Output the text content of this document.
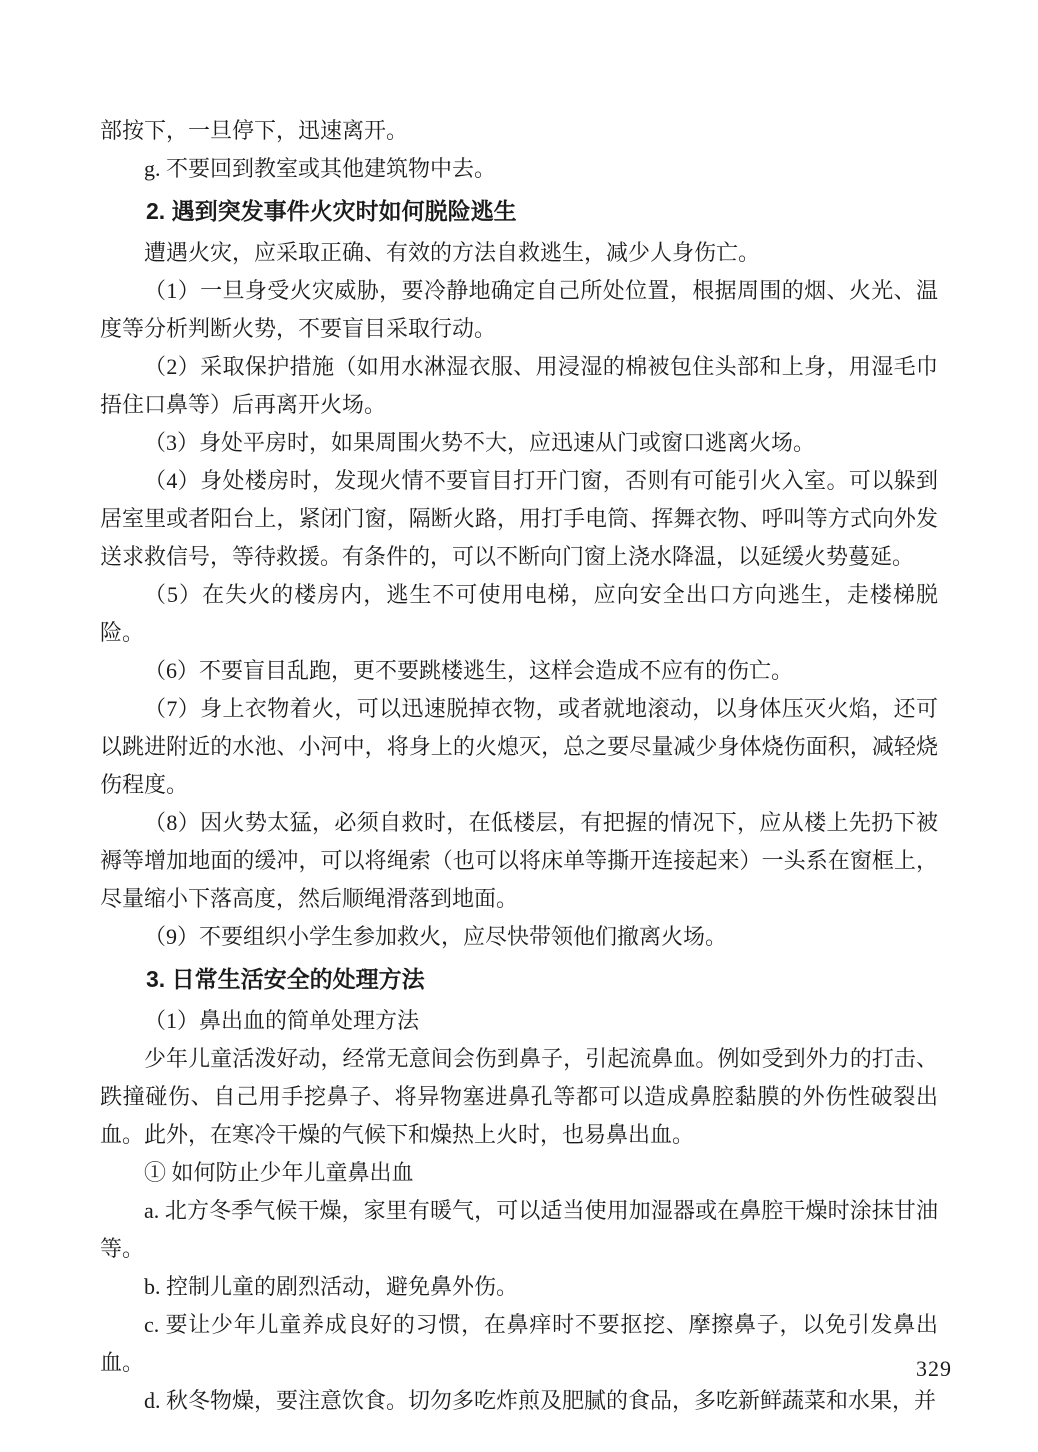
部按下，一旦停下，迅速离开。

g. 不要回到教室或其他建筑物中去。

2. 遇到突发事件火灾时如何脱险逃生

遭遇火灾，应采取正确、有效的方法自救逃生，减少人身伤亡。

（1）一旦身受火灾威胁，要冷静地确定自己所处位置，根据周围的烟、火光、温度等分析判断火势，不要盲目采取行动。

（2）采取保护措施（如用水淋湿衣服、用浸湿的棉被包住头部和上身，用湿毛巾捂住口鼻等）后再离开火场。

（3）身处平房时，如果周围火势不大，应迅速从门或窗口逃离火场。

（4）身处楼房时，发现火情不要盲目打开门窗，否则有可能引火入室。可以躲到居室里或者阳台上，紧闭门窗，隔断火路，用打手电筒、挥舞衣物、呼叫等方式向外发送求救信号，等待救援。有条件的，可以不断向门窗上浇水降温，以延缓火势蔓延。

（5）在失火的楼房内，逃生不可使用电梯，应向安全出口方向逃生，走楼梯脱险。

（6）不要盲目乱跑，更不要跳楼逃生，这样会造成不应有的伤亡。

（7）身上衣物着火，可以迅速脱掉衣物，或者就地滚动，以身体压灭火焰，还可以跳进附近的水池、小河中，将身上的火熄灭，总之要尽量减少身体烧伤面积，减轻烧伤程度。

（8）因火势太猛，必须自救时，在低楼层，有把握的情况下，应从楼上先扔下被褥等增加地面的缓冲，可以将绳索（也可以将床单等撕开连接起来）一头系在窗框上，尽量缩小下落高度，然后顺绳滑落到地面。

（9）不要组织小学生参加救火，应尽快带领他们撤离火场。

3. 日常生活安全的处理方法

（1）鼻出血的简单处理方法

少年儿童活泼好动，经常无意间会伤到鼻子，引起流鼻血。例如受到外力的打击、跌撞碰伤、自己用手挖鼻子、将异物塞进鼻孔等都可以造成鼻腔黏膜的外伤性破裂出血。此外，在寒冷干燥的气候下和燥热上火时，也易鼻出血。

① 如何防止少年儿童鼻出血

a. 北方冬季气候干燥，家里有暖气，可以适当使用加湿器或在鼻腔干燥时涂抹甘油等。

b. 控制儿童的剧烈活动，避免鼻外伤。

c. 要让少年儿童养成良好的习惯，在鼻痒时不要抠挖、摩擦鼻子，以免引发鼻出血。

d. 秋冬物燥，要注意饮食。切勿多吃炸煎及肥腻的食品，多吃新鲜蔬菜和水果，并

329
